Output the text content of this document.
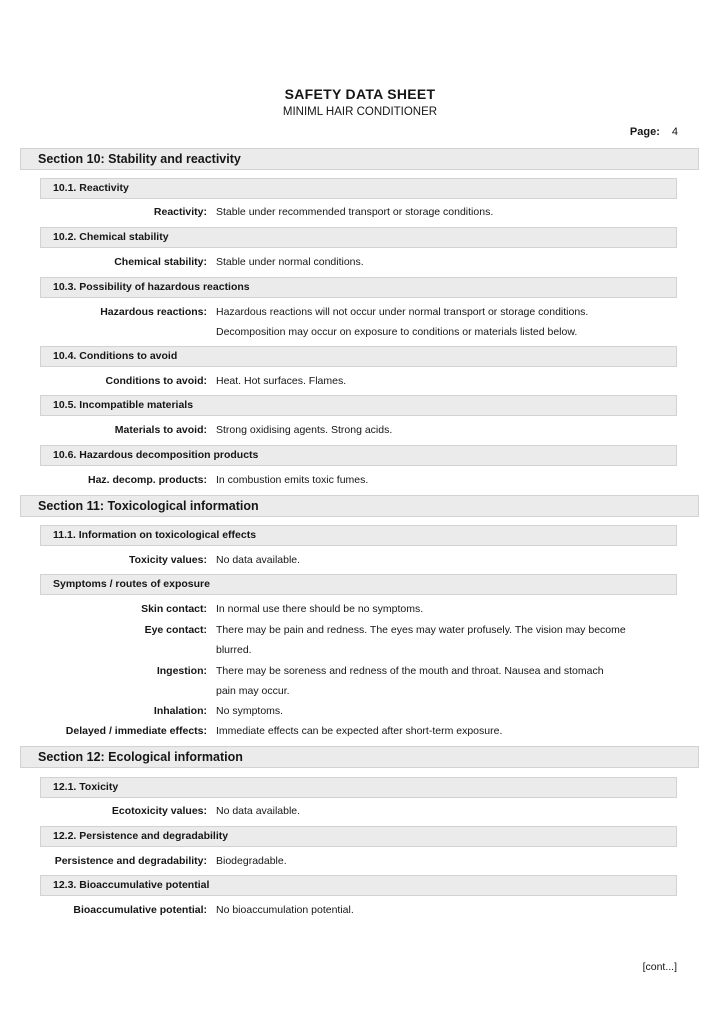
SAFETY DATA SHEET
MINIML HAIR CONDITIONER
Page: 4
Section 10: Stability and reactivity
10.1. Reactivity
Reactivity: Stable under recommended transport or storage conditions.
10.2. Chemical stability
Chemical stability: Stable under normal conditions.
10.3. Possibility of hazardous reactions
Hazardous reactions: Hazardous reactions will not occur under normal transport or storage conditions.
Decomposition may occur on exposure to conditions or materials listed below.
10.4. Conditions to avoid
Conditions to avoid: Heat. Hot surfaces. Flames.
10.5. Incompatible materials
Materials to avoid: Strong oxidising agents. Strong acids.
10.6. Hazardous decomposition products
Haz. decomp. products: In combustion emits toxic fumes.
Section 11: Toxicological information
11.1. Information on toxicological effects
Toxicity values: No data available.
Symptoms / routes of exposure
Skin contact: In normal use there should be no symptoms.
Eye contact: There may be pain and redness. The eyes may water profusely. The vision may become
blurred.
Ingestion: There may be soreness and redness of the mouth and throat. Nausea and stomach
pain may occur.
Inhalation: No symptoms.
Delayed / immediate effects: Immediate effects can be expected after short-term exposure.
Section 12: Ecological information
12.1. Toxicity
Ecotoxicity values: No data available.
12.2. Persistence and degradability
Persistence and degradability: Biodegradable.
12.3. Bioaccumulative potential
Bioaccumulative potential: No bioaccumulation potential.
[cont...]
